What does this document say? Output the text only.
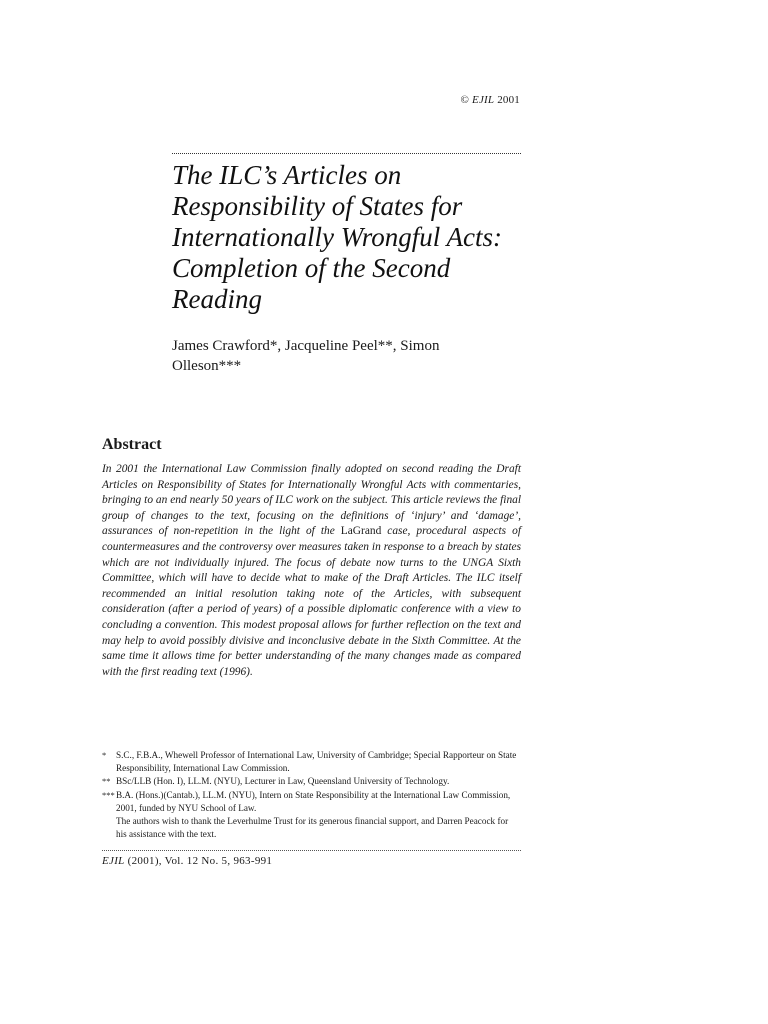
© EJIL 2001
The ILC’s Articles on Responsibility of States for Internationally Wrongful Acts: Completion of the Second Reading
James Crawford*, Jacqueline Peel**, Simon Olleson***
Abstract

In 2001 the International Law Commission finally adopted on second reading the Draft Articles on Responsibility of States for Internationally Wrongful Acts with commentaries, bringing to an end nearly 50 years of ILC work on the subject. This article reviews the final group of changes to the text, focusing on the definitions of ‘injury’ and ‘damage’, assurances of non-repetition in the light of the LaGrand case, procedural aspects of countermeasures and the controversy over measures taken in response to a breach by states which are not individually injured. The focus of debate now turns to the UNGA Sixth Committee, which will have to decide what to make of the Draft Articles. The ILC itself recommended an initial resolution taking note of the Articles, with subsequent consideration (after a period of years) of a possible diplomatic conference with a view to concluding a convention. This modest proposal allows for further reflection on the text and may help to avoid possibly divisive and inconclusive debate in the Sixth Committee. At the same time it allows time for better understanding of the many changes made as compared with the first reading text (1996).

*	S.C., F.B.A., Whewell Professor of International Law, University of Cambridge; Special Rapporteur on State Responsibility, International Law Commission.
** BSc/LLB (Hon. I), LL.M. (NYU), Lecturer in Law, Queensland University of Technology.
*** B.A. (Hons.)(Cantab.), LL.M. (NYU), Intern on State Responsibility at the International Law Commission, 2001, funded by NYU School of Law.
The authors wish to thank the Leverhulme Trust for its generous financial support, and Darren Peacock for his assistance with the text.
EJIL (2001), Vol. 12 No. 5, 963-991
